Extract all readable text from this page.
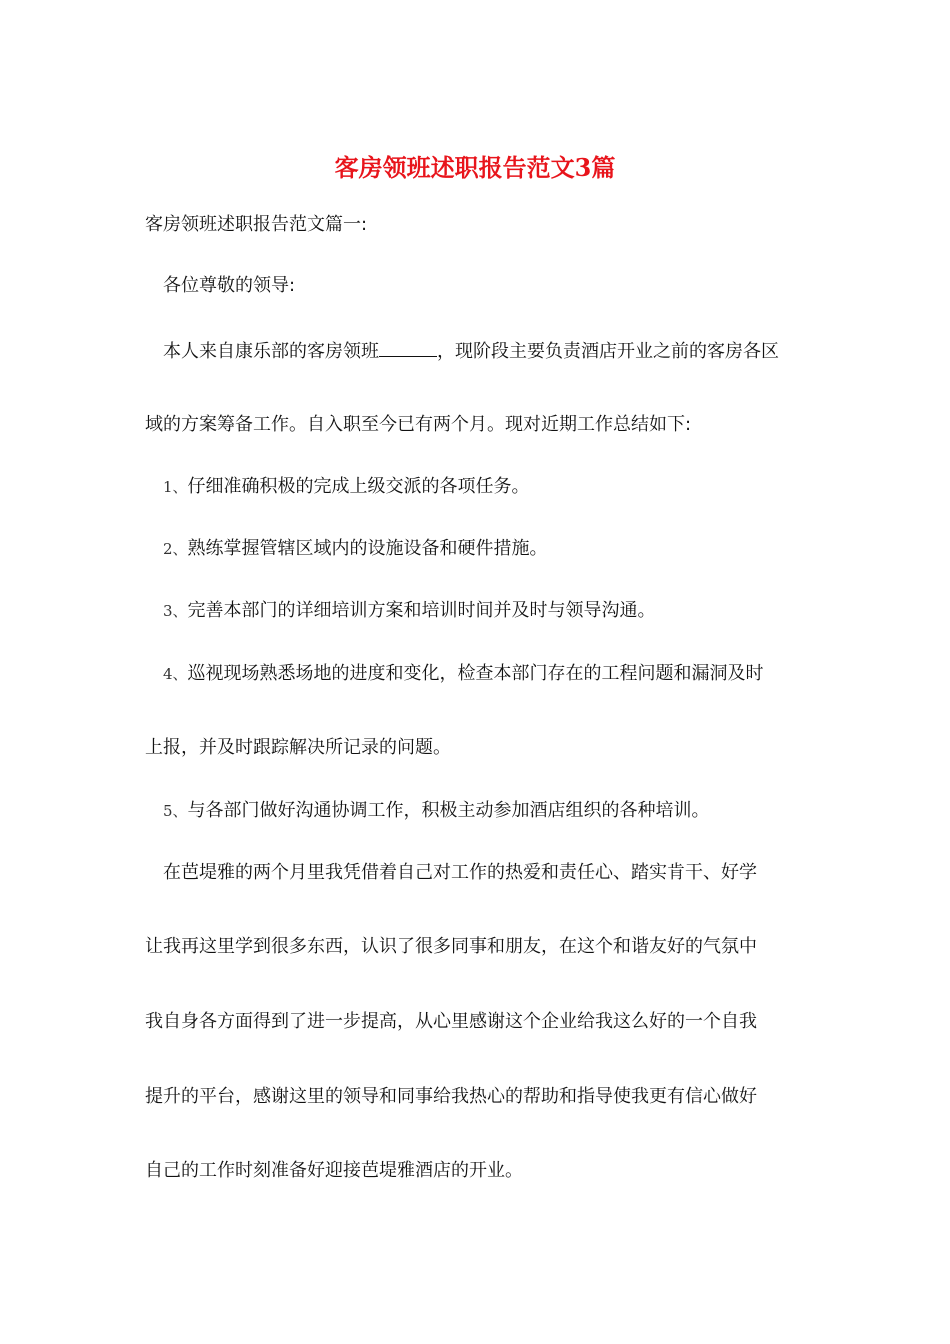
客房领班述职报告范文3篇
客房领班述职报告范文篇一:
各位尊敬的领导:
本人来自康乐部的客房领班	，现阶段主要负责酒店开业之前的客房各区
域的方案筹备工作。自入职至今已有两个月。现对近期工作总结如下:
1、仔细准确积极的完成上级交派的各项任务。
2、熟练掌握管辖区域内的设施设备和硬件措施。
3、完善本部门的详细培训方案和培训时间并及时与领导沟通。
4、巡视现场熟悉场地的进度和变化，检查本部门存在的工程问题和漏洞及时
上报，并及时跟踪解决所记录的问题。
5、与各部门做好沟通协调工作，积极主动参加酒店组织的各种培训。
在芭堤雅的两个月里我凭借着自己对工作的热爱和责任心、踏实肯干、好学
让我再这里学到很多东西，认识了很多同事和朋友，在这个和谐友好的气氛中
我自身各方面得到了进一步提高，从心里感谢这个企业给我这么好的一个自我
提升的平台，感谢这里的领导和同事给我热心的帮助和指导使我更有信心做好
自己的工作时刻准备好迎接芭堤雅酒店的开业。
